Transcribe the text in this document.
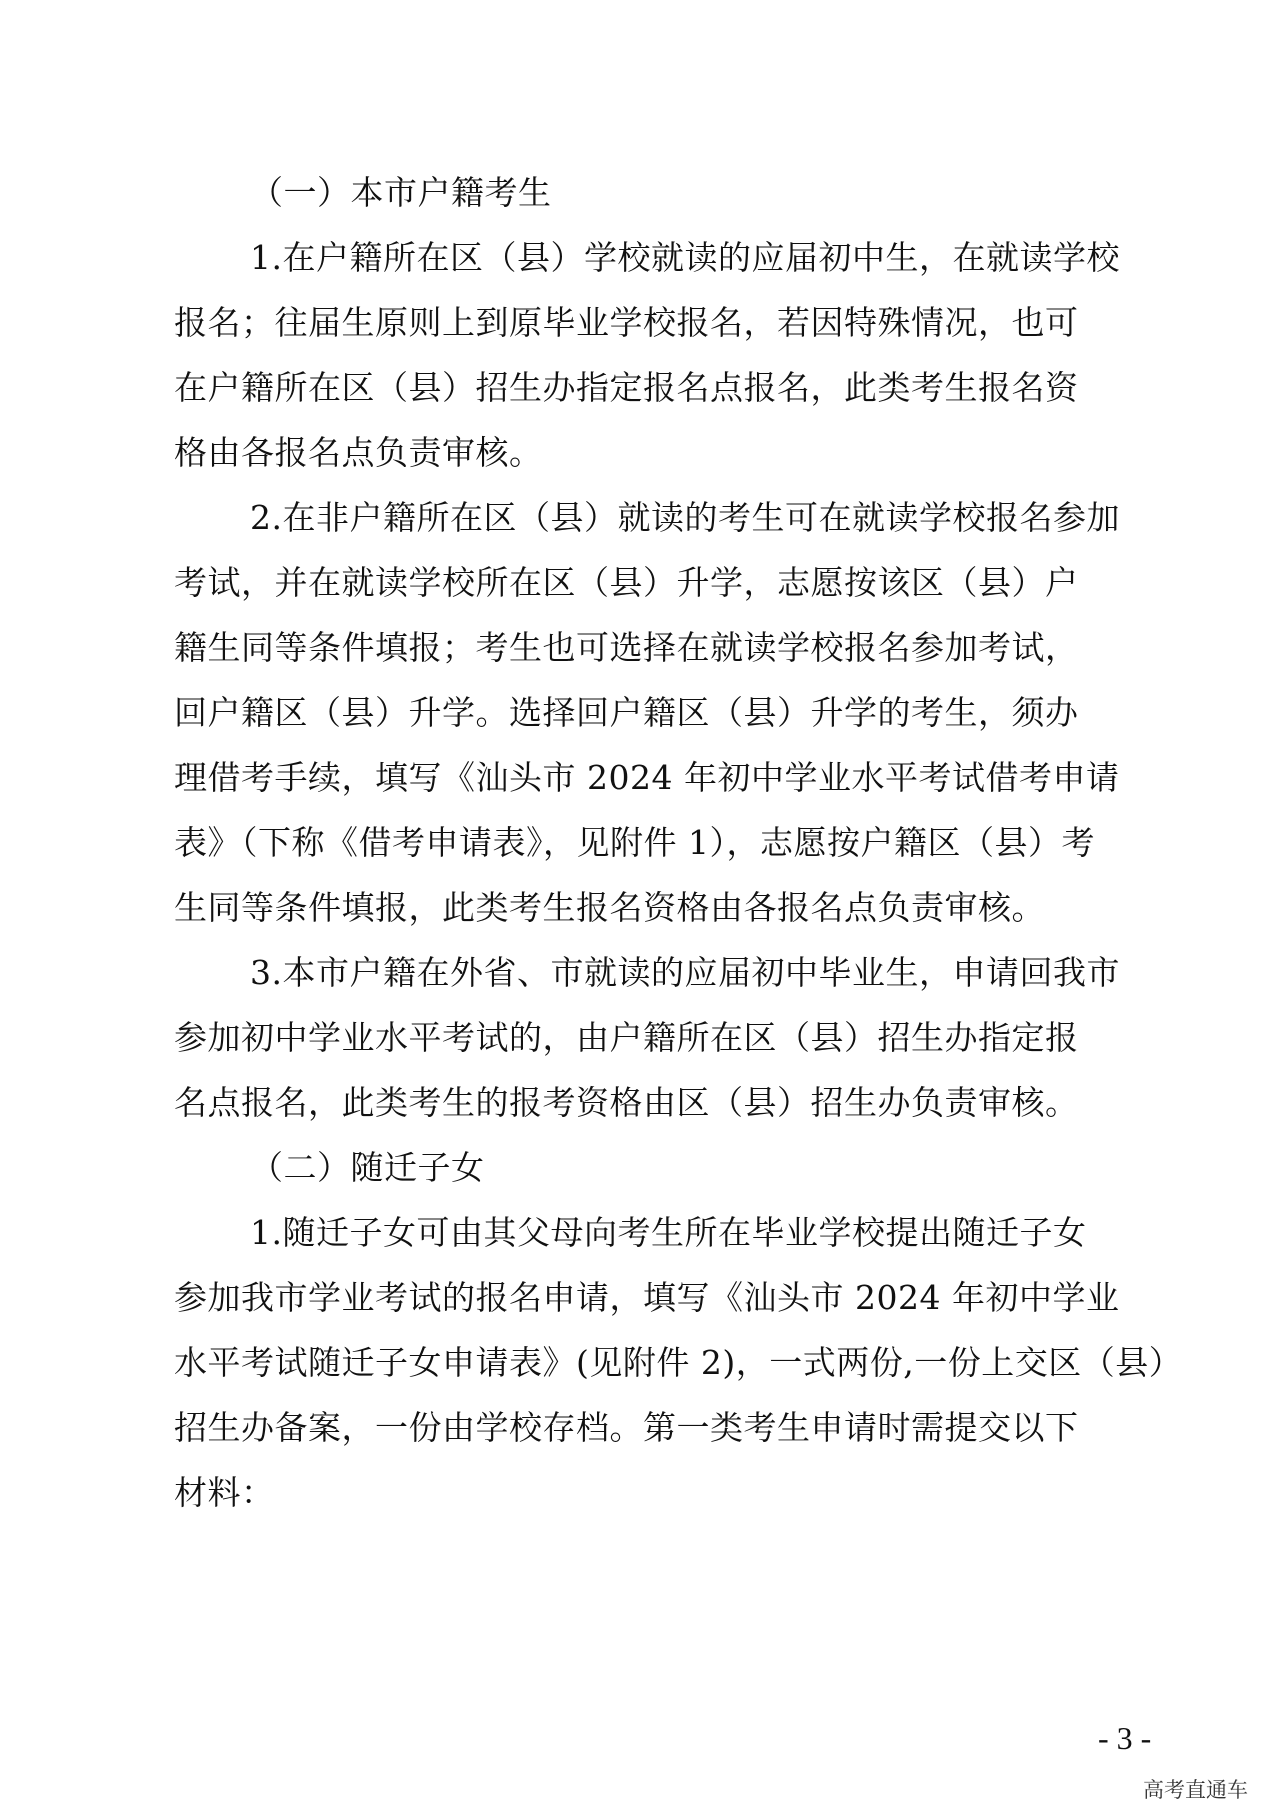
（一）本市户籍考生
1.在户籍所在区（县）学校就读的应届初中生，在就读学校
报名；往届生原则上到原毕业学校报名，若因特殊情况，也可
在户籍所在区（县）招生办指定报名点报名，此类考生报名资
格由各报名点负责审核。
2.在非户籍所在区（县）就读的考生可在就读学校报名参加
考试，并在就读学校所在区（县）升学，志愿按该区（县）户
籍生同等条件填报；考生也可选择在就读学校报名参加考试，
回户籍区（县）升学。选择回户籍区（县）升学的考生，须办
理借考手续，填写《汕头市 2024 年初中学业水平考试借考申请
表》（下称《借考申请表》，见附件 1），志愿按户籍区（县）考
生同等条件填报，此类考生报名资格由各报名点负责审核。
3.本市户籍在外省、市就读的应届初中毕业生，申请回我市
参加初中学业水平考试的，由户籍所在区（县）招生办指定报
名点报名，此类考生的报考资格由区（县）招生办负责审核。
（二）随迁子女
1.随迁子女可由其父母向考生所在毕业学校提出随迁子女
参加我市学业考试的报名申请，填写《汕头市 2024 年初中学业
水平考试随迁子女申请表》(见附件 2)，一式两份,一份上交区（县）
招生办备案，一份由学校存档。第一类考生申请时需提交以下
材料：
- 3 -
高考直通车
